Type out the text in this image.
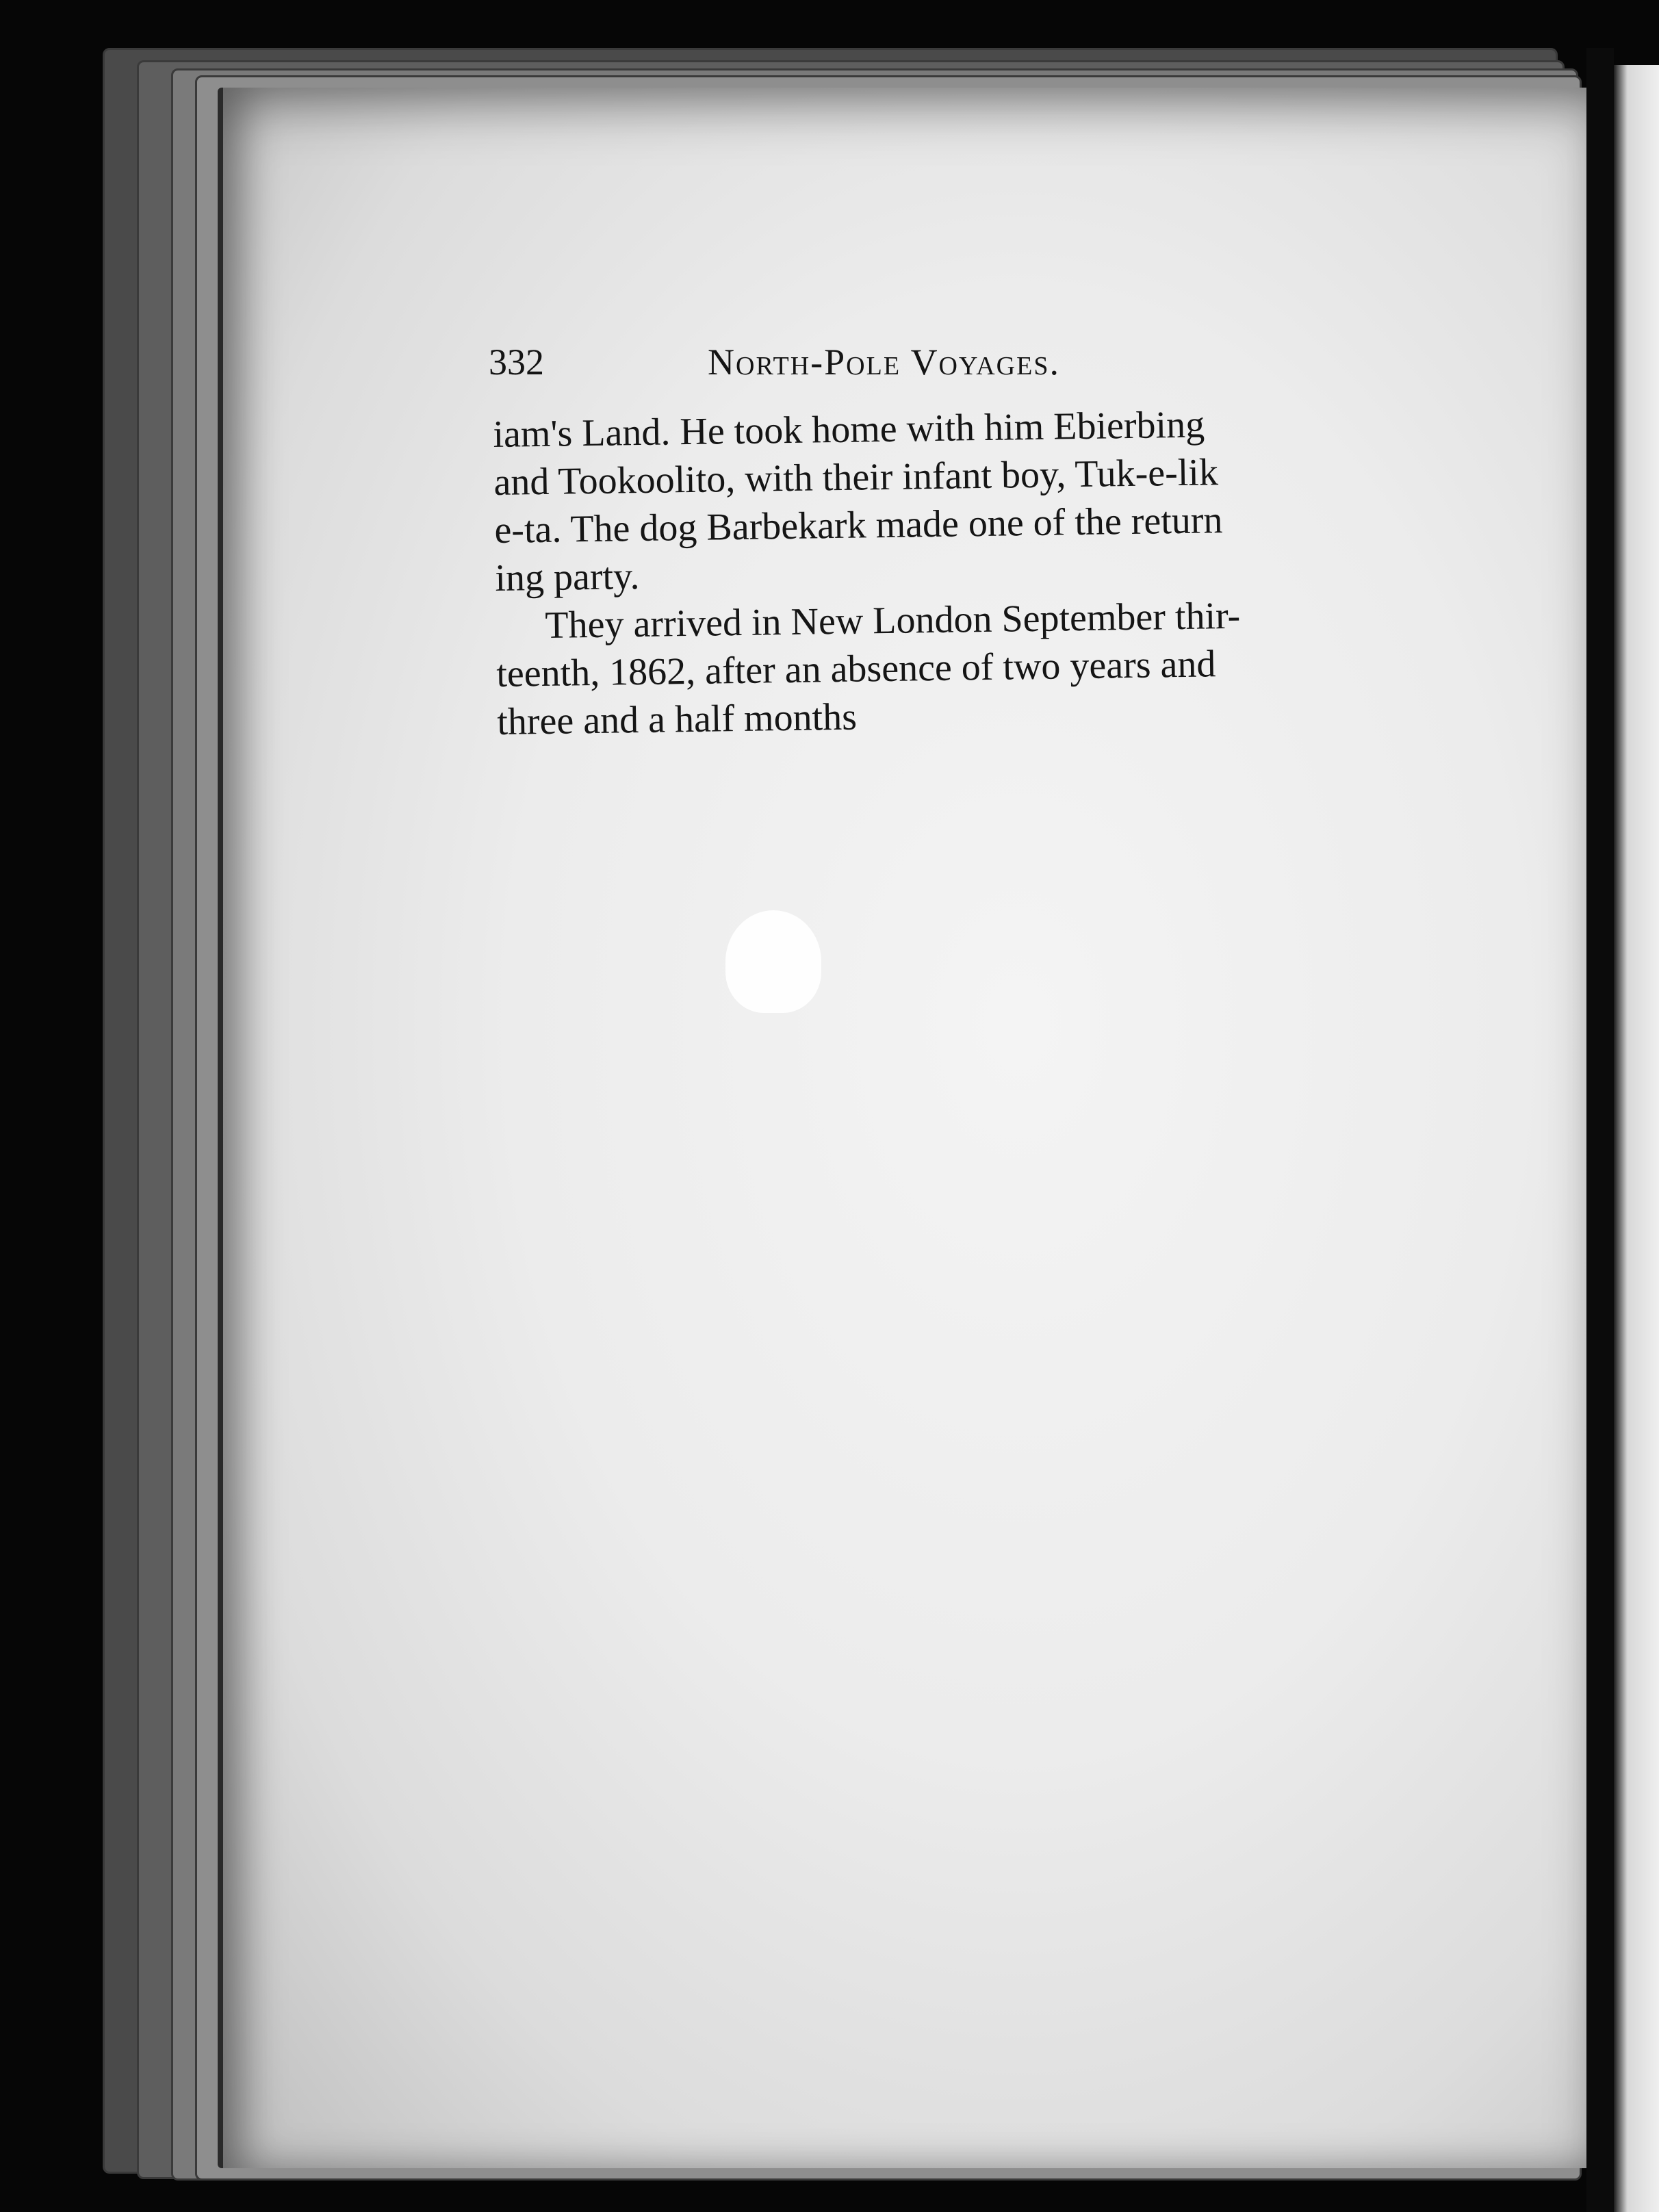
332	North-Pole Voyages.
iam's Land. He took home with him Ebierbing
and Tookoolito, with their infant boy, Tuk-e-lik
e-ta. The dog Barbekark made one of the return
ing party.
They arrived in New London September thir-
teenth, 1862, after an absence of two years and
three and a half months
